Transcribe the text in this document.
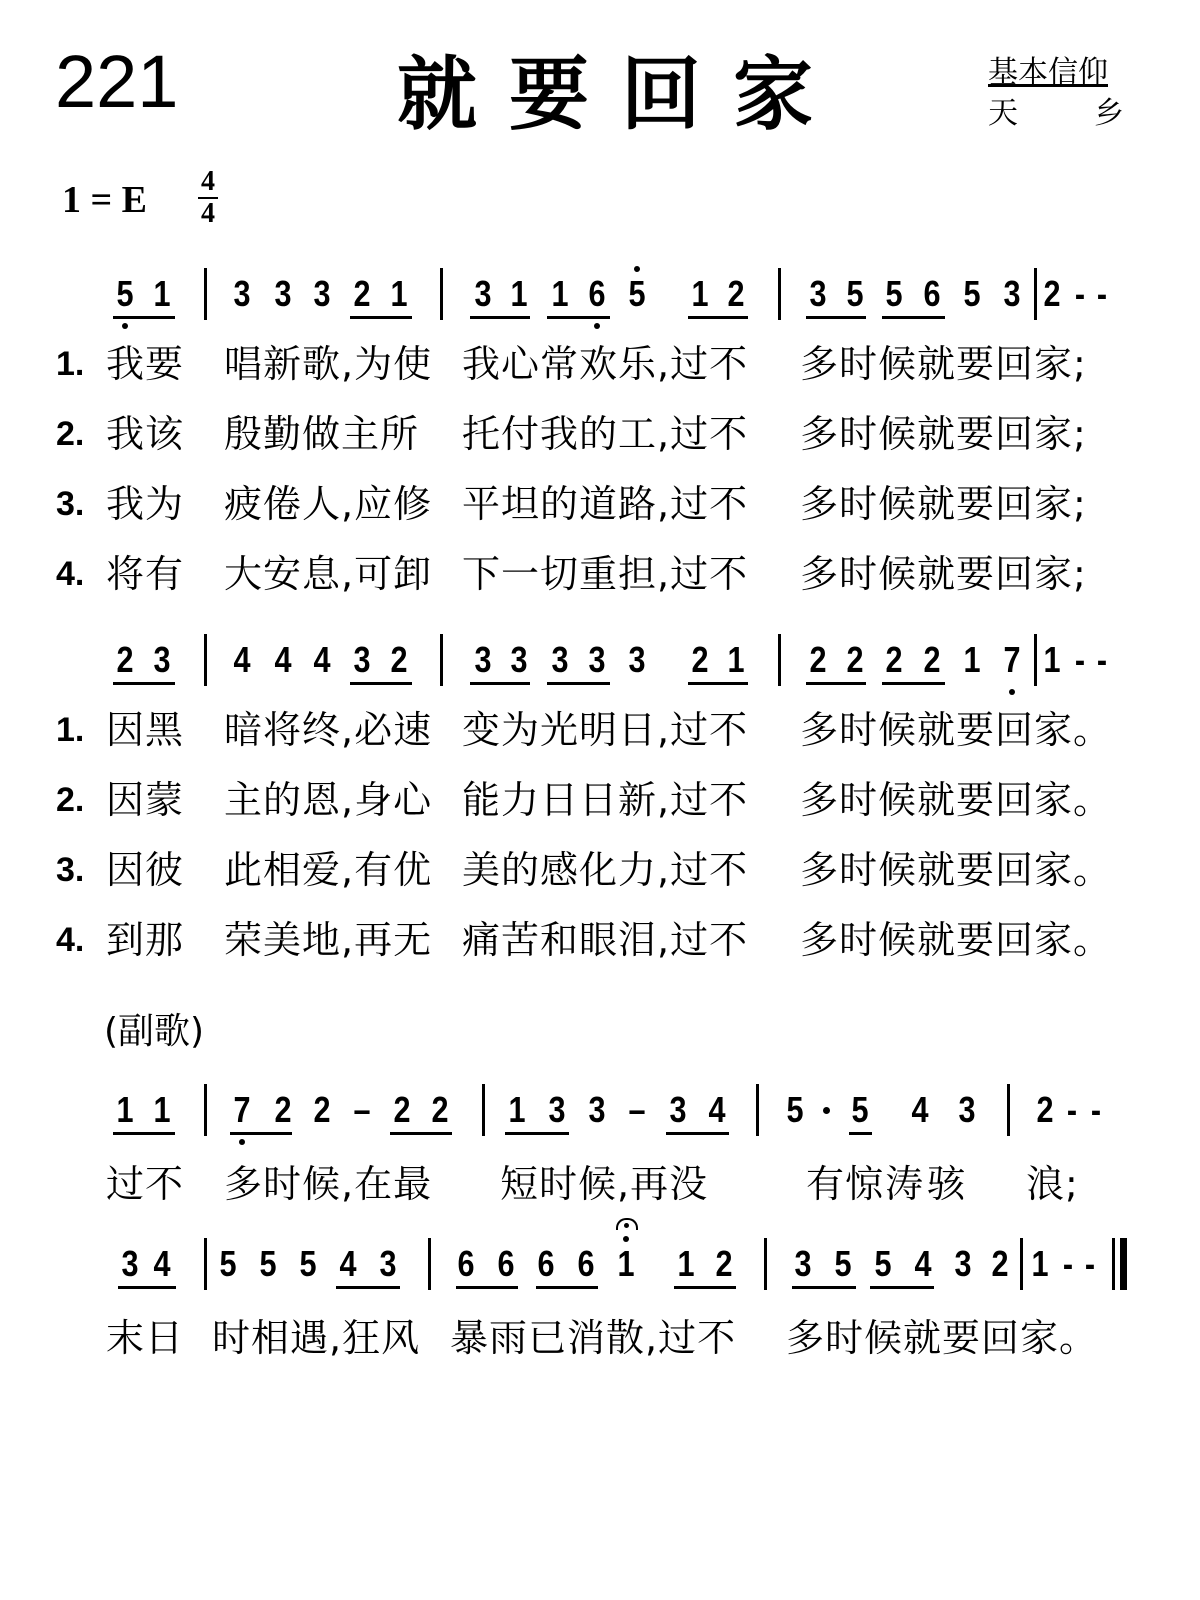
221	就要回家	基本信仰
天	乡
1 = E 4
4
5 1 3 3 3 2 1 3 1 1 6 5 1 2 3 5 5 6 5 3 2 - -
1. 我要 唱新歌,为使 我心常欢乐,过不 多时候就要回家;
2. 我该 殷勤做主所 托付我的工,过不 多时候就要回家;
3. 我为 疲倦人,应修 平坦的道路,过不 多时候就要回家;
4. 将有 大安息,可卸 下一切重担,过不 多时候就要回家;
2 3 4 4 4 3 2 3 3 3 3 3 2 1 2 2 2 2 1 7 1 - -
1. 因黑 暗将终,必速 变为光明日,过不 多时候就要回家。
2. 因蒙 主的恩,身心 能力日日新,过不 多时候就要回家。
3. 因彼 此相爱,有优 美的感化力,过不 多时候就要回家。
4. 到那 荣美地,再无 痛苦和眼泪,过不 多时候就要回家。
(副歌)
1 1 7 2 2 – 2 2 1 3 3 – 3 4 5 5 4 3 2 - -
过不 多时候,在最 短时候,再没	有 惊 涛 骇 浪;
3 4 5 5 5 4 3 6 6 6 6 1 1 2 3 5 5 4 3 2 1 - -
末日 时相遇,狂风 暴雨已消散,过不 多时候就要回家。
